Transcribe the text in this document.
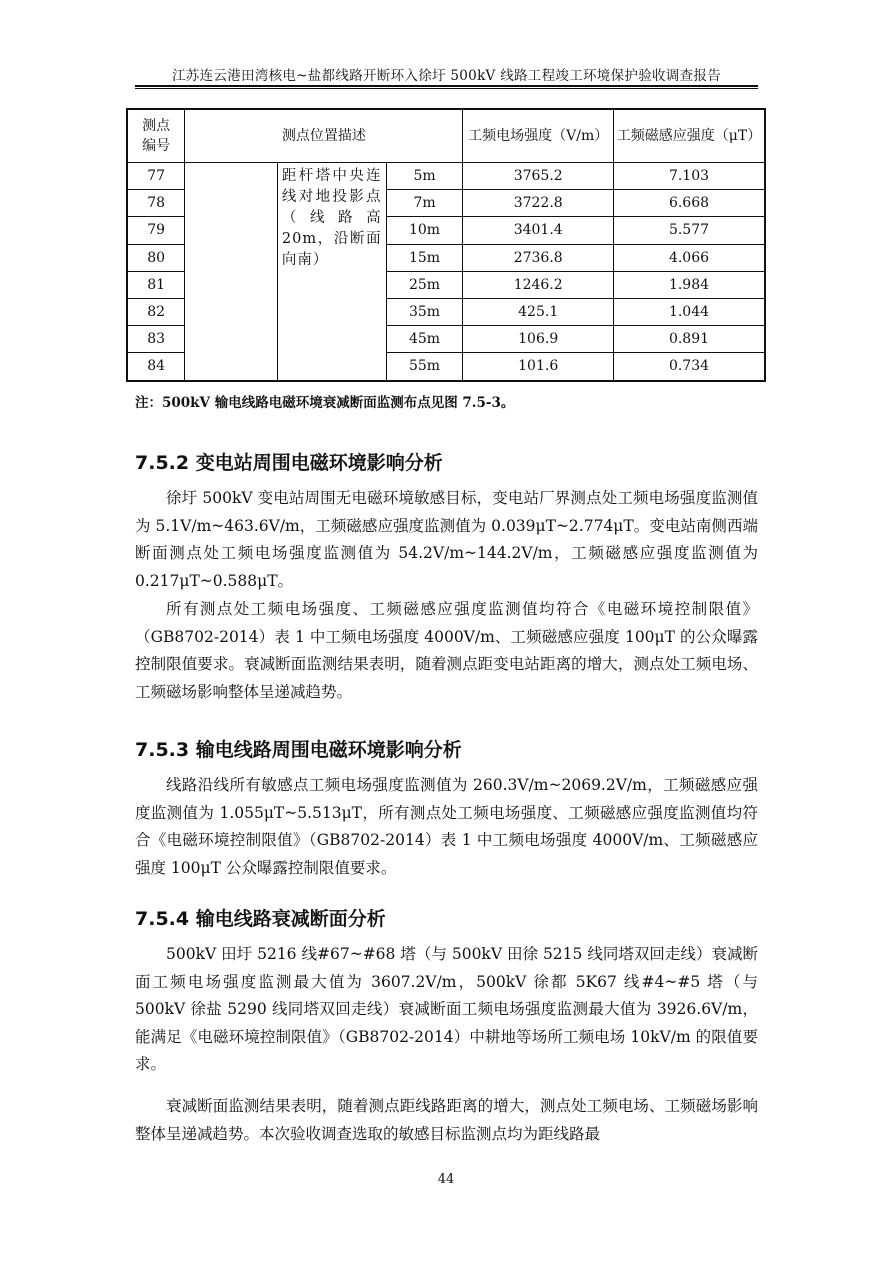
江苏连云港田湾核电~盐都线路开断环入徐圩 500kV 线路工程竣工环境保护验收调查报告
测点
编号	测点位置描述			工频电场强度（V/m）	工频磁感应强度（μT）
77		距杆塔中央连线对地投影点（线路高 20m，沿断面向南）	5m	3765.2	7.103
78			7m	3722.8	6.668
79			10m	3401.4	5.577
80			15m	2736.8	4.066
81			25m	1246.2	1.984
82			35m	425.1	1.044
83			45m	106.9	0.891
84			55m	101.6	0.734
注：500kV 输电线路电磁环境衰减断面监测布点见图 7.5-3。
7.5.2 变电站周围电磁环境影响分析

徐圩 500kV 变电站周围无电磁环境敏感目标，变电站厂界测点处工频电场强度监测值为 5.1V/m~463.6V/m，工频磁感应强度监测值为 0.039μT~2.774μT。变电站南侧西端断面测点处工频电场强度监测值为 54.2V/m~144.2V/m，工频磁感应强度监测值为 0.217μT~0.588μT。

所有测点处工频电场强度、工频磁感应强度监测值均符合《电磁环境控制限值》（GB8702-2014）表 1 中工频电场强度 4000V/m、工频磁感应强度 100μT 的公众曝露控制限值要求。衰减断面监测结果表明，随着测点距变电站距离的增大，测点处工频电场、工频磁场影响整体呈递减趋势。

7.5.3 输电线路周围电磁环境影响分析

线路沿线所有敏感点工频电场强度监测值为 260.3V/m~2069.2V/m，工频磁感应强度监测值为 1.055μT~5.513μT，所有测点处工频电场强度、工频磁感应强度监测值均符合《电磁环境控制限值》（GB8702-2014）表 1 中工频电场强度 4000V/m、工频磁感应强度 100μT 公众曝露控制限值要求。

7.5.4 输电线路衰减断面分析

500kV 田圩 5216 线#67~#68 塔（与 500kV 田徐 5215 线同塔双回走线）衰减断面工频电场强度监测最大值为 3607.2V/m，500kV 徐都 5K67 线#4~#5 塔（与 500kV 徐盐 5290 线同塔双回走线）衰减断面工频电场强度监测最大值为 3926.6V/m，能满足《电磁环境控制限值》（GB8702-2014）中耕地等场所工频电场 10kV/m 的限值要求。

衰减断面监测结果表明，随着测点距线路距离的增大，测点处工频电场、工频磁场影响整体呈递减趋势。本次验收调查选取的敏感目标监测点均为距线路最

44
